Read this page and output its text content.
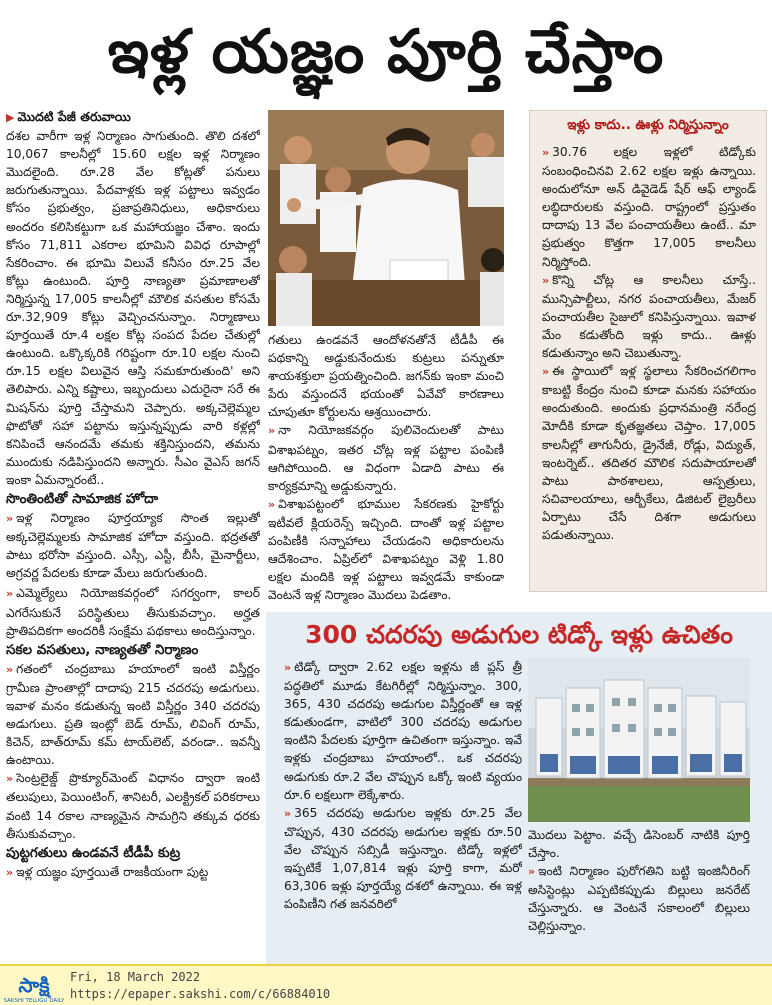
ఇళ్ల యజ్ఞం పూర్తి చేస్తాం
▶ మొదటి పేజీ తరువాయి

దశల వారీగా ఇళ్ల నిర్మాణం సాగుతుంది. తొలి దశలో 10,067 కాలనీల్లో 15.60 లక్షల ఇళ్ల నిర్మాణం మొదలైంది. రూ.28 వేల కోట్లతో పనులు జరుగుతున్నాయి. పేదవాళ్లకు ఇళ్ల పట్టాలు ఇవ్వడం కోసం ప్రభుత్వం, ప్రజాప్రతినిధులు, అధికారులు అందరం కలిసికట్టుగా ఒక మహాయజ్ఞం చేశాం. ఇందు కోసం 71,811 ఎకరాల భూమిని వివిధ రూపాల్లో సేకరించాం. ఈ భూమి విలువే కనీసం రూ.25 వేల కోట్లు ఉంటుంది. పూర్తి నాణ్యతా ప్రమాణాలతో నిర్మిస్తున్న 17,005 కాలనీల్లో మౌలిక వసతుల కోసమే రూ.32,909 కోట్లు వెచ్చించనున్నాం. నిర్మాణాలు పూర్తయితే రూ.4 లక్షల కోట్ల సంపద పేదల చేతుల్లో ఉంటుంది. ఒక్కొక్కరికి గరిష్టంగా రూ.10 లక్షల నుంచి రూ.15 లక్షల విలువైన ఆస్తి సమకూరుతుంది' అని తెలిపారు. ఎన్ని కష్టాలు, ఇబ్బందులు ఎదురైనా సరే ఈ మిషన్‌ను పూర్తి చేస్తామని చెప్పారు. అక్కచెల్లెమ్మల ఫొటోతో సహా పట్టాను ఇస్తున్నప్పుడు వారి కళ్లల్లో కనిపించే ఆనందమే తమకు శక్తినిస్తుందని, తమను ముందుకు నడిపిస్తుందని అన్నారు. సీఎం వైఎస్‌ జగన్‌ ఇంకా ఏమన్నారంటే..

సొంతింటితో సామాజిక హోదా

» ఇళ్ల నిర్మాణం పూర్తయ్యాక సొంత ఇల్లుతో అక్కచెల్లెమ్మలకు సామాజిక హోదా వస్తుంది. భద్రతతో పాటు భరోసా వస్తుంది. ఎస్సీ, ఎస్టీ, బీసీ, మైనార్టీలు, అగ్రవర్ణ పేదలకు కూడా మేలు జరుగుతుంది.

» ఎమ్మెల్యేలు నియోజకవర్గంలో సగర్వంగా, కాలర్‌ ఎగరేసుకునే పరిస్థితులు తీసుకువచ్చాం. అర్హత ప్రాతిపదికగా అందరికీ సంక్షేమ పథకాలు అందిస్తున్నాం.

సకల వసతులు, నాణ్యతతో నిర్మాణం

» గతంలో చంద్రబాబు హయాంలో ఇంటి విస్తీర్ణం గ్రామీణ ప్రాంతాల్లో దాదాపు 215 చదరపు అడుగులు. ఇవాళ మనం కడుతున్న ఇంటి విస్తీర్ణం 340 చదరపు అడుగులు. ప్రతి ఇంట్లో బెడ్‌ రూమ్, లివింగ్‌ రూమ్, కిచెన్, బాత్‌రూమ్‌ కమ్‌ టాయ్‌లెట్, వరండా.. ఇవన్నీ ఉంటాయి.

» సెంట్రలైజ్డ్‌ ప్రొక్యూర్‌మెంట్‌ విధానం ద్వారా ఇంటి తలుపులు, పెయింటింగ్, శానిటరీ, ఎలక్ట్రికల్‌ పరికరాలు వంటి 14 రకాల నాణ్యమైన సామగ్రిని తక్కువ ధరకు తీసుకువచ్చాం.

పుట్టగతులు ఉండవనే టీడీపీ కుట్ర

» ఇళ్ల యజ్ఞం పూర్తయితే రాజకీయంగా పుట్ట

గతులు ఉండవనే ఆందోళనతోనే టీడీపీ ఈ పథకాన్ని అడ్డుకునేందుకు కుట్రలు పన్నుతూ శాయశక్తులా ప్రయత్నించింది. జగన్‌కు ఇంకా మంచి పేరు వస్తుందనే భయంతో ఏవేవో కారణాలు చూపుతూ కోర్టులను ఆశ్రయించారు.

» నా నియోజకవర్గం పులివెందులతో పాటు విశాఖపట్నం, ఇతర చోట్ల ఇళ్ల పట్టాల పంపిణీ ఆగిపోయింది. ఆ విధంగా ఏడాది పాటు ఈ కార్యక్రమాన్ని అడ్డుకున్నారు.

» విశాఖపట్టంలో భూముల సేకరణకు హైకోర్టు ఇటీవలే క్లియరెన్స్‌ ఇచ్చింది. దాంతో ఇళ్ల పట్టాల పంపిణీకి సన్నాహాలు చేయడంని అధికారులను ఆదేశించాం. ఏప్రిల్‌లో విశాఖపట్నం వెళ్లి 1.80 లక్షల మందికి ఇళ్ల పట్టాలు ఇవ్వడమే కాకుండా వెంటనే ఇళ్ల నిర్మాణం మొదలు పెడతాం.

ఇళ్లు కాదు.. ఊళ్లు నిర్మిస్తున్నాం

» 30.76 లక్షల ఇళ్లలో టిడ్కోకు సంబంధించినవి 2.62 లక్షల ఇళ్లు ఉన్నాయి. అందులోనూ అన్‌ డివైడెడ్‌ షేర్‌ ఆఫ్‌ ల్యాండ్‌ లబ్ధిదారులకు వస్తుంది. రాష్ట్రంలో ప్రస్తుతం దాదాపు 13 వేల పంచాయతీలు ఉంటే.. మా ప్రభుత్వం కొత్తగా 17,005 కాలనీలు నిర్మిస్తోంది.

» కొన్ని చోట్ల ఆ కాలనీలు చూస్తే.. మున్సిపాల్టీలు, నగర పంచాయతీలు, మేజర్‌ పంచాయతీల సైజులో కనిపిస్తున్నాయి. ఇవాళ మేం కడుతోంది ఇళ్లు కాదు.. ఊళ్లు కడుతున్నాం అని చెబుతున్నా.

» ఈ స్థాయిలో ఇళ్ల స్థలాలు సేకరించగలిగాం కాబట్టి కేంద్రం నుంచి కూడా మనకు సహాయం అందుతుంది. అందుకు ప్రధానమంత్రి నరేంద్ర మోదీకి కూడా కృతజ్ఞతలు చెప్తాం. 17,005 కాలనీల్లో తాగునీరు, డ్రైనేజీ, రోడ్లు, విద్యుత్, ఇంటర్నెట్‌.. తదితర మౌలిక సదుపాయాలతో పాటు పాఠశాలలు, ఆస్పత్రులు, సచివాలయాలు, ఆర్బీకేలు, డిజిటల్‌ లైబ్రరీలు ఏర్పాటు చేసే దిశగా అడుగులు పడుతున్నాయి.

300 చదరపు అడుగుల టిడ్కో ఇళ్లు ఉచితం

» టిడ్కో ద్వారా 2.62 లక్షల ఇళ్లను జీ ప్లస్‌ త్రీ పద్ధతిలో మూడు కేటగిరీల్లో నిర్మిస్తున్నాం. 300, 365, 430 చదరపు అడుగుల విస్తీర్ణంతో ఆ ఇళ్ల కడుతుండగా, వాటిలో 300 చదరపు అడుగుల ఇంటిని పేదలకు పూర్తిగా ఉచితంగా ఇస్తున్నాం. ఇవే ఇళ్లకు చంద్రబాబు హయాంలో.. ఒక చదరపు అడుగుకు రూ.2 వేల చొప్పున ఒక్కో ఇంటి వ్యయం రూ.6 లక్షలుగా లెక్కేశారు.

» 365 చదరపు అడుగుల ఇళ్లకు రూ.25 వేల చొప్పున, 430 చదరపు అడుగుల ఇళ్లకు రూ.50 వేల చొప్పున సబ్సిడీ ఇస్తున్నాం. టిడ్కో ఇళ్లలో ఇప్పటికే 1,07,814 ఇళ్లు పూర్తి కాగా, మరో 63,306 ఇళ్లు పూర్తయ్యే దశలో ఉన్నాయి. ఈ ఇళ్ల పంపిణీని గత జనవరిలో

మొదలు పెట్టాం. వచ్చే డిసెంబర్‌ నాటికి పూర్తి చేస్తాం.

» ఇంటి నిర్మాణం పురోగతిని బట్టి ఇంజినీరింగ్‌ అసిస్టెంట్లు ఎప్పటికప్పుడు బిల్లులు జనరేట్‌ చేస్తున్నారు. ఆ వెంటనే సకాలంలో బిల్లులు చెల్లిస్తున్నాం.

సాక్షి
SAKSHI TELUGU DAILY
Fri, 18 March 2022
https://epaper.sakshi.com/c/66884010
